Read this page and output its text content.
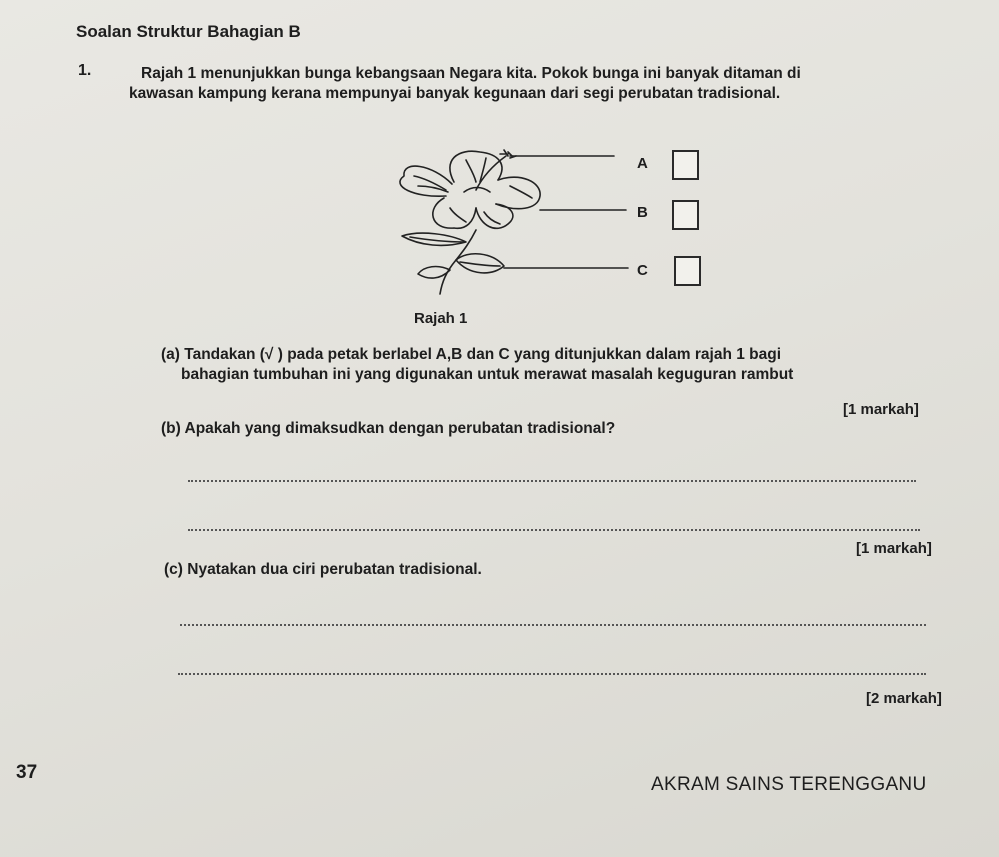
Soalan Struktur Bahagian B
1.	Rajah 1 menunjukkan bunga kebangsaan Negara kita. Pokok bunga ini banyak ditaman di
kawasan kampung kerana mempunyai banyak kegunaan dari segi perubatan tradisional.
A
B
C
Rajah 1
(a) Tandakan (√ ) pada petak berlabel A,B dan C yang ditunjukkan dalam rajah 1 bagi
bahagian tumbuhan ini yang digunakan untuk merawat masalah keguguran rambut
[1 markah]
(b) Apakah yang dimaksudkan dengan perubatan tradisional?
[1 markah]
(c) Nyatakan dua ciri perubatan tradisional.
[2 markah]
37
AKRAM SAINS TERENGGANU
